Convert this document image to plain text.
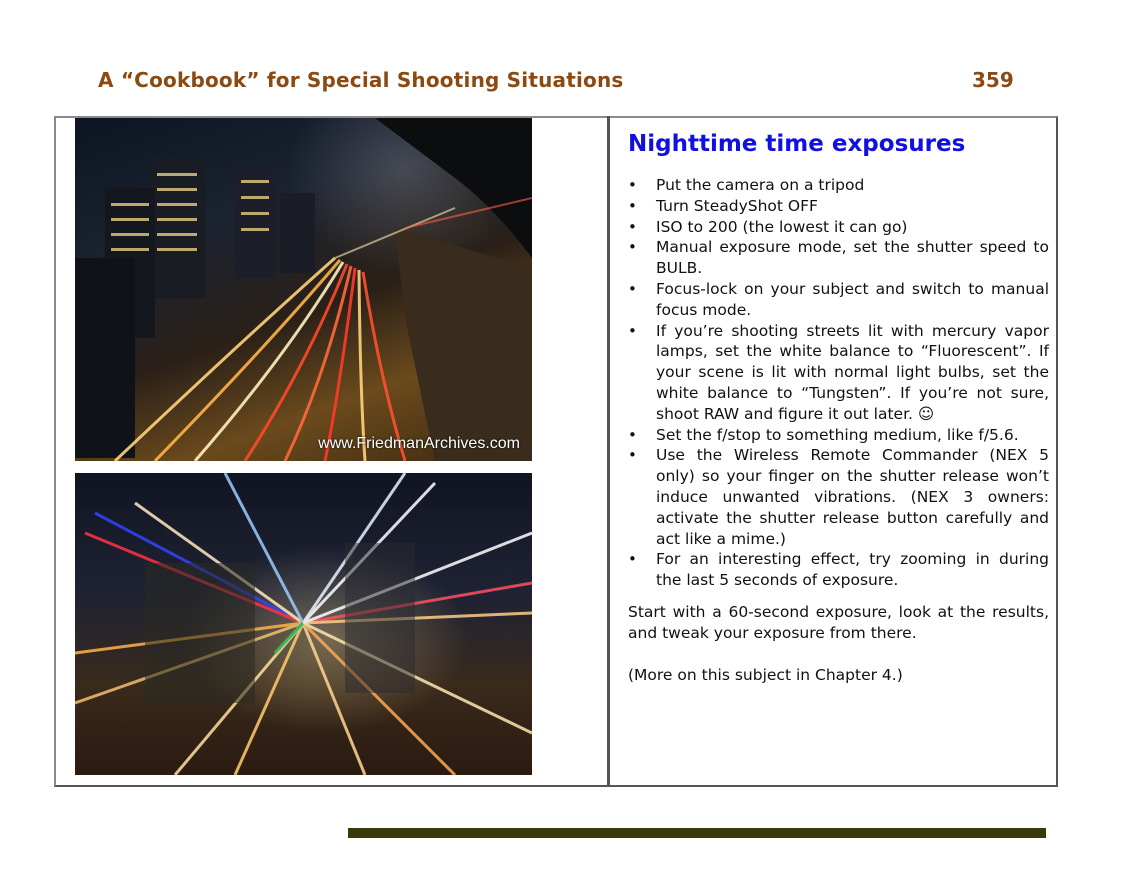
A “Cookbook” for Special Shooting Situations	359
www.FriedmanArchives.com
Nighttime time exposures
• Put the camera on a tripod
• Turn SteadyShot OFF
• ISO to 200 (the lowest it can go)
• Manual exposure mode, set the shutter speed to BULB.
• Focus-lock on your subject and switch to manual focus mode.
• If you’re shooting streets lit with mercury vapor lamps, set the white balance to “Fluorescent”. If your scene is lit with normal light bulbs, set the white balance to “Tungsten”. If you’re not sure, shoot RAW and figure it out later. ☺
• Set the f/stop to something medium, like f/5.6.
• Use the Wireless Remote Commander (NEX 5 only) so your finger on the shutter release won’t induce unwanted vibrations. (NEX 3 owners: activate the shutter release button carefully and act like a mime.)
• For an interesting effect, try zooming in during the last 5 seconds of exposure.

Start with a 60-second exposure, look at the results, and tweak your exposure from there.

(More on this subject in Chapter 4.)
